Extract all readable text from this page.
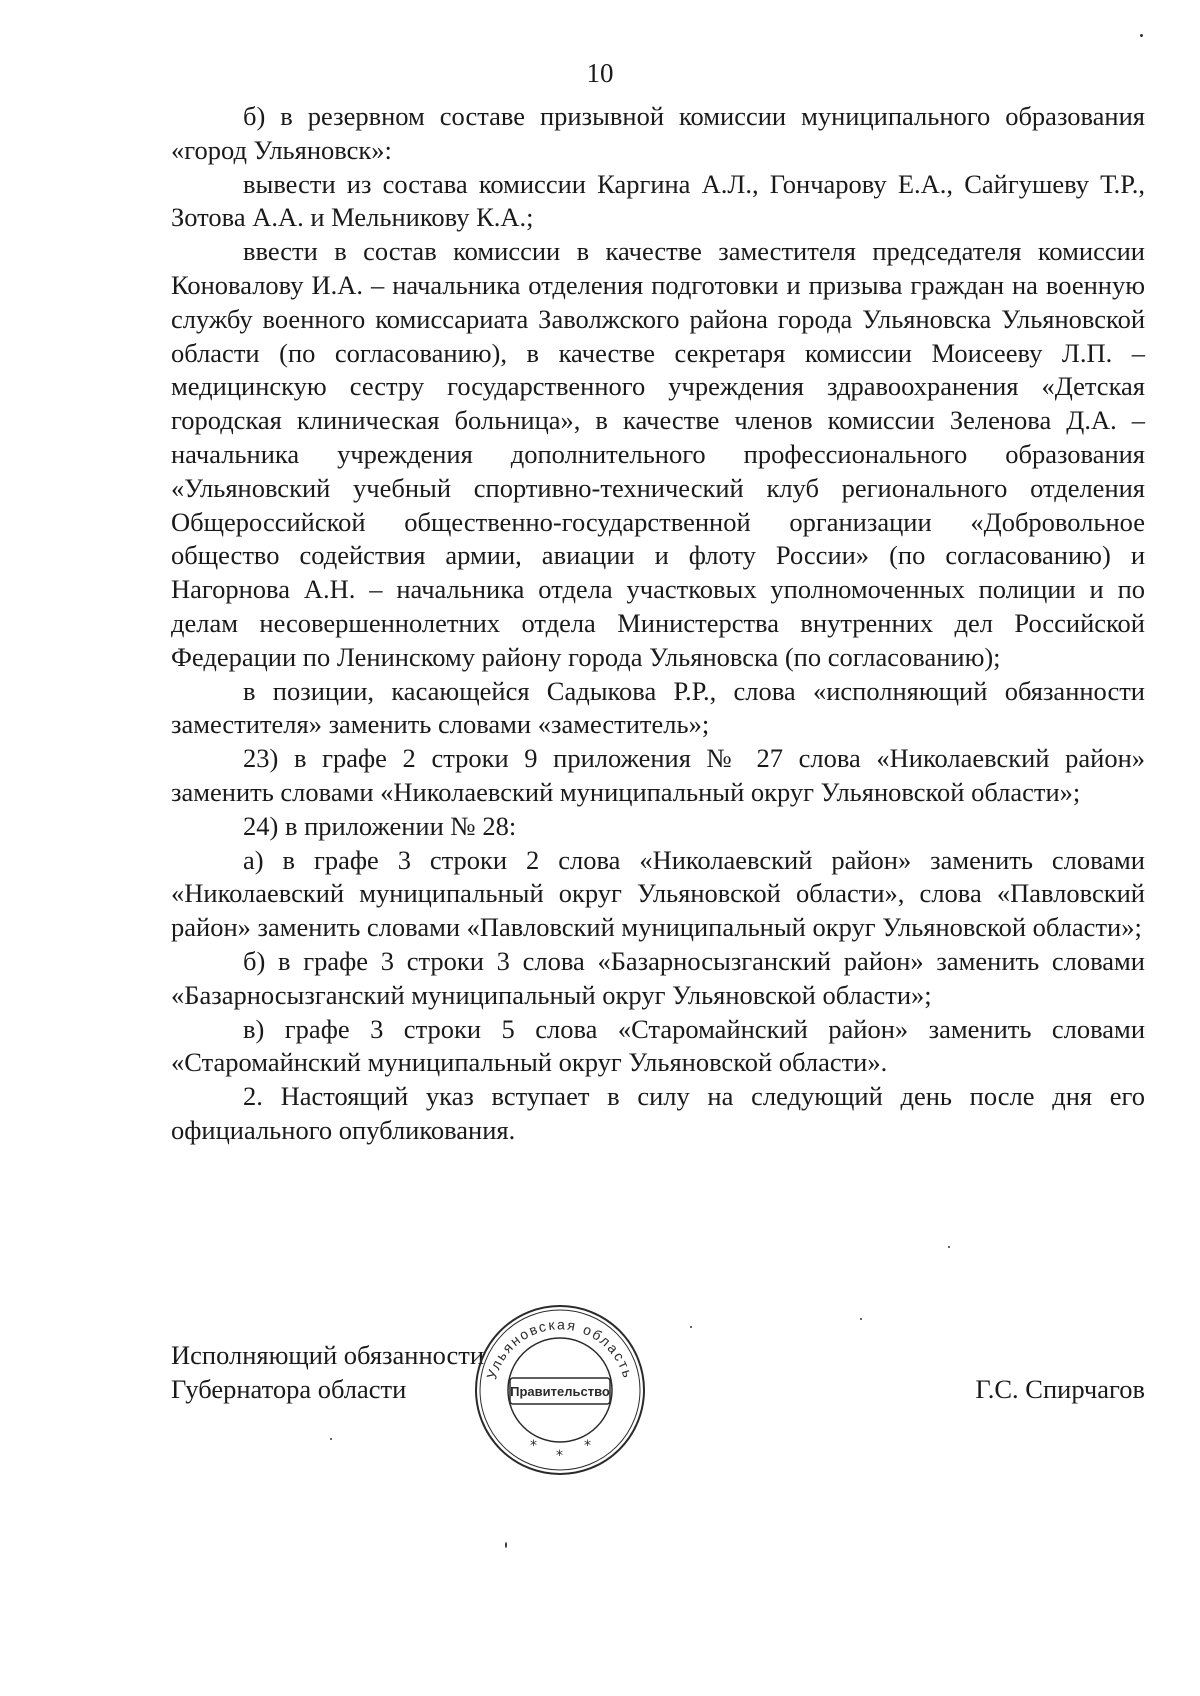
10

б) в резервном составе призывной комиссии муниципального образования «город Ульяновск»:

вывести из состава комиссии Каргина А.Л., Гончарову Е.А., Сайгушеву Т.Р., Зотова А.А. и Мельникову К.А.;

ввести в состав комиссии в качестве заместителя председателя комиссии Коновалову И.А. – начальника отделения подготовки и призыва граждан на военную службу военного комиссариата Заволжского района города Ульяновска Ульяновской области (по согласованию), в качестве секретаря комиссии Моисееву Л.П. – медицинскую сестру государственного учреждения здравоохранения «Детская городская клиническая больница», в качестве членов комиссии Зеленова Д.А. – начальника учреждения дополнительного профессионального образования «Ульяновский учебный спортивно-технический клуб регионального отделения Общероссийской общественно-государственной организации «Добровольное общество содействия армии, авиации и флоту России» (по согласованию) и Нагорнова А.Н. – начальника отдела участковых уполномоченных полиции и по делам несовершеннолетних отдела Министерства внутренних дел Российской Федерации по Ленинскому району города Ульяновска (по согласованию);

в позиции, касающейся Садыкова Р.Р., слова «исполняющий обязанности заместителя» заменить словами «заместитель»;

23) в графе 2 строки 9 приложения № 27 слова «Николаевский район» заменить словами «Николаевский муниципальный округ Ульяновской области»;

24) в приложении № 28:

а) в графе 3 строки 2 слова «Николаевский район» заменить словами «Николаевский муниципальный округ Ульяновской области», слова «Павловский район» заменить словами «Павловский муниципальный округ Ульяновской области»;

б) в графе 3 строки 3 слова «Базарносызганский район» заменить словами «Базарносызганский муниципальный округ Ульяновской области»;

в) графе 3 строки 5 слова «Старомайнский район» заменить словами «Старомайнский муниципальный округ Ульяновской области».

2. Настоящий указ вступает в силу на следующий день после дня его официального опубликования.

Исполняющий обязанности
Губернатора области	Г.С. Спирчагов
Ульяновская область
Правительство
*
*
*
